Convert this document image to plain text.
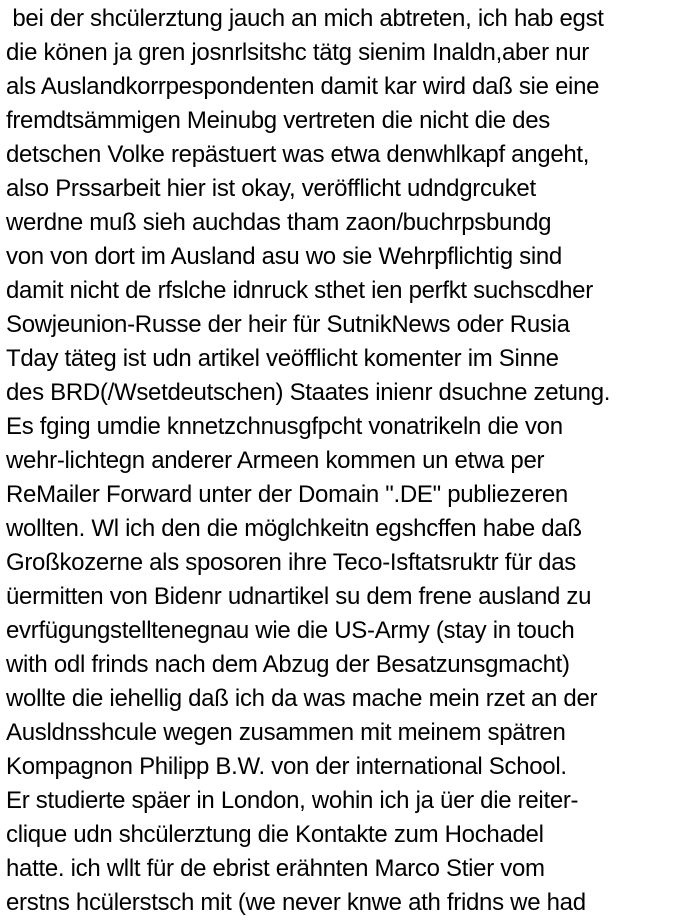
bei der shcülerztung jauch an mich abtreten, ich hab egst
die könen ja gren josnrlsitshc tätg sienim Inaldn,aber nur
als Auslandkorrpespondenten damit kar wird daß sie eine
fremdtsämmigen Meinubg vertreten die nicht die des
detschen Volke repästuert was etwa denwhlkapf angeht,
also Prssarbeit hier ist okay, veröfflicht udndgrcuket
werdne muß sieh auchdas tham zaon/buchrpsbundg
von von dort im Ausland asu wo sie Wehrpflichtig sind
damit nicht de rfslche idnruck sthet ien perfkt suchscdher
Sowjeunion-Russe der heir für SutnikNews oder Rusia
Tday täteg ist udn artikel veöfflicht komenter im Sinne
des BRD(/Wsetdeutschen) Staates inienr dsuchne zetung.
Es fging umdie knnetzchnusgfpcht vonatrikeln die von
wehr-lichtegn anderer Armeen kommen un etwa per
ReMailer Forward unter der Domain ".DE" publiezeren
wollten. Wl ich den die möglchkeitn egshcffen habe daß
Großkozerne als sposoren ihre Teco-Isftatsruktr für das
üermitten von Bidenr udnartikel su dem frene ausland zu
evrfügungstelltenegnau wie die US-Army (stay in touch
with odl frinds nach dem Abzug der Besatzunsgmacht)
wollte die iehellig daß ich da was mache mein rzet an der
Ausldnsshcule wegen zusammen mit meinem spätren
Kompagnon Philipp B.W. von der international School.
Er studierte späer in London, wohin ich ja üer die reiter-
clique udn shcülerztung die Kontakte zum Hochadel
hatte. ich wllt für de ebrist erähnten Marco Stier vom
erstns hcülerstsch mit (we never knwe ath fridns we had
